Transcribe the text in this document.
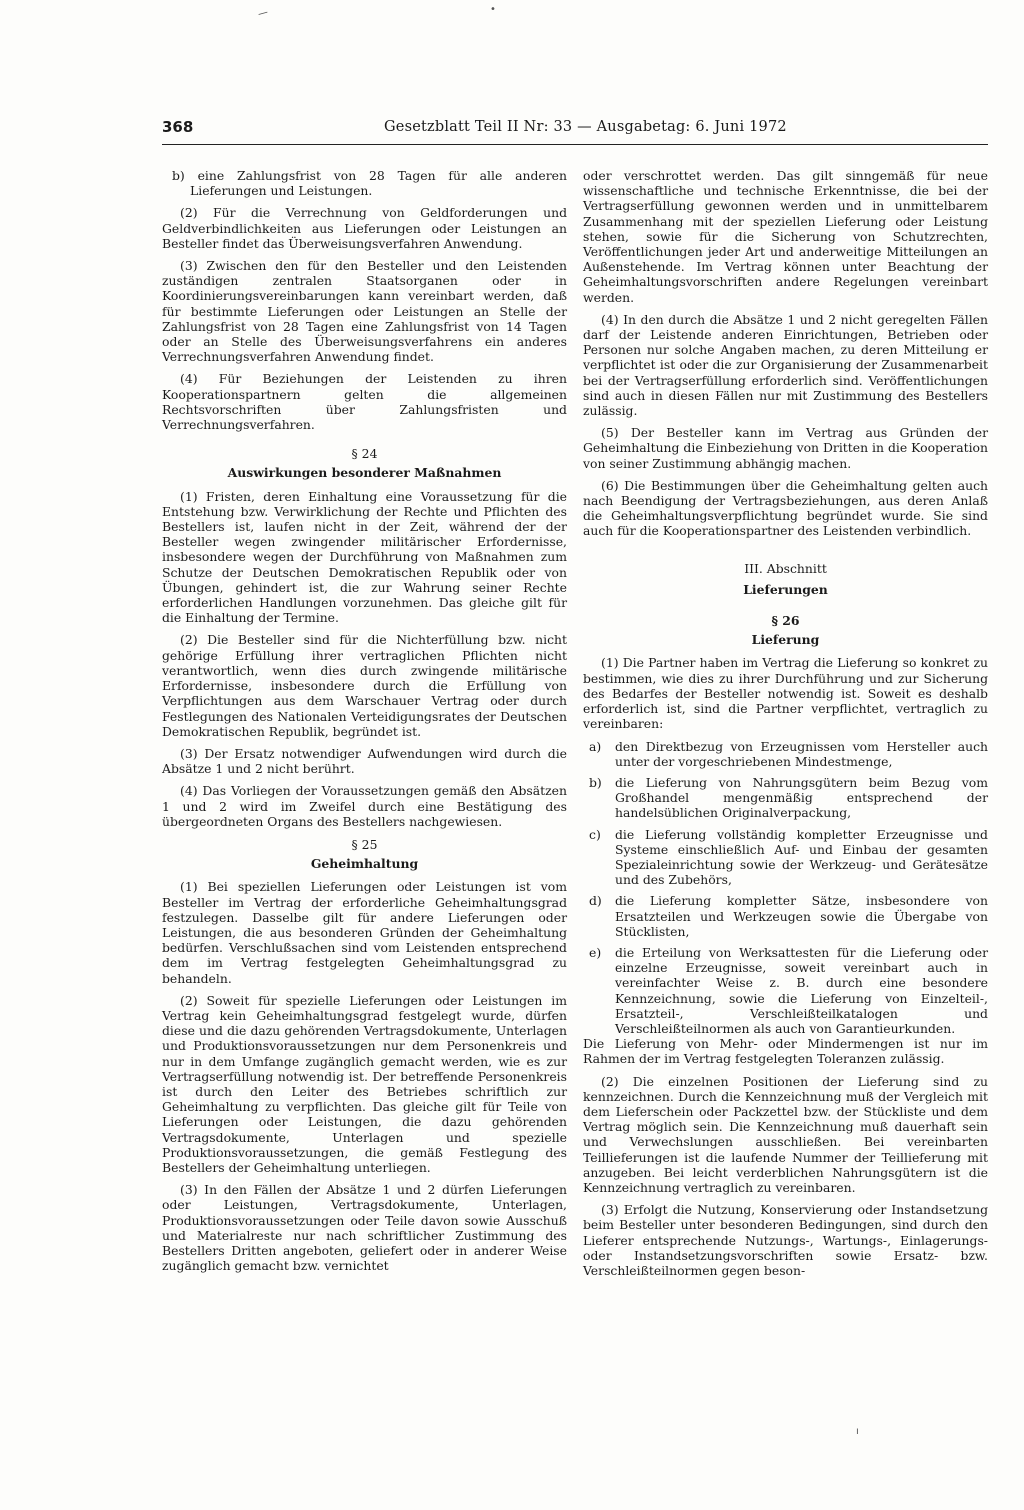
—	•
368	Gesetzblatt Teil II Nr: 33 — Ausgabetag: 6. Juni 1972

b) eine Zahlungsfrist von 28 Tagen für alle anderen Lieferungen und Leistungen.

(2) Für die Verrechnung von Geldforderungen und Geldverbindlichkeiten aus Lieferungen oder Leistungen an Besteller findet das Überweisungsverfahren Anwendung.

(3) Zwischen den für den Besteller und den Leistenden zuständigen zentralen Staatsorganen oder in Koordinierungsvereinbarungen kann vereinbart werden, daß für bestimmte Lieferungen oder Leistungen an Stelle der Zahlungsfrist von 28 Tagen eine Zahlungsfrist von 14 Tagen oder an Stelle des Überweisungsverfahrens ein anderes Verrechnungsverfahren Anwendung findet.

(4) Für Beziehungen der Leistenden zu ihren Kooperationspartnern gelten die allgemeinen Rechtsvorschriften über Zahlungsfristen und Verrechnungsverfahren.

§ 24
Auswirkungen besonderer Maßnahmen

(1) Fristen, deren Einhaltung eine Voraussetzung für die Entstehung bzw. Verwirklichung der Rechte und Pflichten des Bestellers ist, laufen nicht in der Zeit, während der der Besteller wegen zwingender militärischer Erfordernisse, insbesondere wegen der Durchführung von Maßnahmen zum Schutze der Deutschen Demokratischen Republik oder von Übungen, gehindert ist, die zur Wahrung seiner Rechte erforderlichen Handlungen vorzunehmen. Das gleiche gilt für die Einhaltung der Termine.

(2) Die Besteller sind für die Nichterfüllung bzw. nicht gehörige Erfüllung ihrer vertraglichen Pflichten nicht verantwortlich, wenn dies durch zwingende militärische Erfordernisse, insbesondere durch die Erfüllung von Verpflichtungen aus dem Warschauer Vertrag oder durch Festlegungen des Nationalen Verteidigungsrates der Deutschen Demokratischen Republik, begründet ist.

(3) Der Ersatz notwendiger Aufwendungen wird durch die Absätze 1 und 2 nicht berührt.

(4) Das Vorliegen der Voraussetzungen gemäß den Absätzen 1 und 2 wird im Zweifel durch eine Bestätigung des übergeordneten Organs des Bestellers nachgewiesen.

§ 25
Geheimhaltung

(1) Bei speziellen Lieferungen oder Leistungen ist vom Besteller im Vertrag der erforderliche Geheimhaltungsgrad festzulegen. Dasselbe gilt für andere Lieferungen oder Leistungen, die aus besonderen Gründen der Geheimhaltung bedürfen. Verschlußsachen sind vom Leistenden entsprechend dem im Vertrag festgelegten Geheimhaltungsgrad zu behandeln.

(2) Soweit für spezielle Lieferungen oder Leistungen im Vertrag kein Geheimhaltungsgrad festgelegt wurde, dürfen diese und die dazu gehörenden Vertragsdokumente, Unterlagen und Produktionsvoraussetzungen nur dem Personenkreis und nur in dem Umfange zugänglich gemacht werden, wie es zur Vertragserfüllung notwendig ist. Der betreffende Personenkreis ist durch den Leiter des Betriebes schriftlich zur Geheimhaltung zu verpflichten. Das gleiche gilt für Teile von Lieferungen oder Leistungen, die dazu gehörenden Vertragsdokumente, Unterlagen und spezielle Produktionsvoraussetzungen, die gemäß Festlegung des Bestellers der Geheimhaltung unterliegen.

(3) In den Fällen der Absätze 1 und 2 dürfen Lieferungen oder Leistungen, Vertragsdokumente, Unterlagen, Produktionsvoraussetzungen oder Teile davon sowie Ausschuß und Materialreste nur nach schriftlicher Zustimmung des Bestellers Dritten angeboten, geliefert oder in anderer Weise zugänglich gemacht bzw. vernichtet

oder verschrottet werden. Das gilt sinngemäß für neue wissenschaftliche und technische Erkenntnisse, die bei der Vertragserfüllung gewonnen werden und in unmittelbarem Zusammenhang mit der speziellen Lieferung oder Leistung stehen, sowie für die Sicherung von Schutzrechten, Veröffentlichungen jeder Art und anderweitige Mitteilungen an Außenstehende. Im Vertrag können unter Beachtung der Geheimhaltungsvorschriften andere Regelungen vereinbart werden.

(4) In den durch die Absätze 1 und 2 nicht geregelten Fällen darf der Leistende anderen Einrichtungen, Betrieben oder Personen nur solche Angaben machen, zu deren Mitteilung er verpflichtet ist oder die zur Organisierung der Zusammenarbeit bei der Vertragserfüllung erforderlich sind. Veröffentlichungen sind auch in diesen Fällen nur mit Zustimmung des Bestellers zulässig.

(5) Der Besteller kann im Vertrag aus Gründen der Geheimhaltung die Einbeziehung von Dritten in die Kooperation von seiner Zustimmung abhängig machen.

(6) Die Bestimmungen über die Geheimhaltung gelten auch nach Beendigung der Vertragsbeziehungen, aus deren Anlaß die Geheimhaltungsverpflichtung begründet wurde. Sie sind auch für die Kooperationspartner des Leistenden verbindlich.

III. Abschnitt
Lieferungen
§ 26
Lieferung

(1) Die Partner haben im Vertrag die Lieferung so konkret zu bestimmen, wie dies zu ihrer Durchführung und zur Sicherung des Bedarfes der Besteller notwendig ist. Soweit es deshalb erforderlich ist, sind die Partner verpflichtet, vertraglich zu vereinbaren:

a)	den Direktbezug von Erzeugnissen vom Hersteller auch unter der vorgeschriebenen Mindestmenge,
b)	die Lieferung von Nahrungsgütern beim Bezug vom Großhandel mengenmäßig entsprechend der handelsüblichen Originalverpackung,
c)	die Lieferung vollständig kompletter Erzeugnisse und Systeme einschließlich Auf- und Einbau der gesamten Spezialeinrichtung sowie der Werkzeug- und Gerätesätze und des Zubehörs,
d)	die Lieferung kompletter Sätze, insbesondere von Ersatzteilen und Werkzeugen sowie die Übergabe von Stücklisten,
e)	die Erteilung von Werksattesten für die Lieferung oder einzelne Erzeugnisse, soweit vereinbart auch in vereinfachter Weise z. B. durch eine besondere Kennzeichnung, sowie die Lieferung von Einzelteil-, Ersatzteil-, Verschleißteilkatalogen und Verschleißteilnormen als auch von Garantieurkunden.

Die Lieferung von Mehr- oder Mindermengen ist nur im Rahmen der im Vertrag festgelegten Toleranzen zulässig.

(2) Die einzelnen Positionen der Lieferung sind zu kennzeichnen. Durch die Kennzeichnung muß der Vergleich mit dem Lieferschein oder Packzettel bzw. der Stückliste und dem Vertrag möglich sein. Die Kennzeichnung muß dauerhaft sein und Verwechslungen ausschließen. Bei vereinbarten Teillieferungen ist die laufende Nummer der Teillieferung mit anzugeben. Bei leicht verderblichen Nahrungsgütern ist die Kennzeichnung vertraglich zu vereinbaren.

(3) Erfolgt die Nutzung, Konservierung oder Instandsetzung beim Besteller unter besonderen Bedingungen, sind durch den Lieferer entsprechende Nutzungs-, Wartungs-, Einlagerungs- oder Instandsetzungsvorschriften sowie Ersatz- bzw. Verschleißteilnormen gegen beson-

ı
